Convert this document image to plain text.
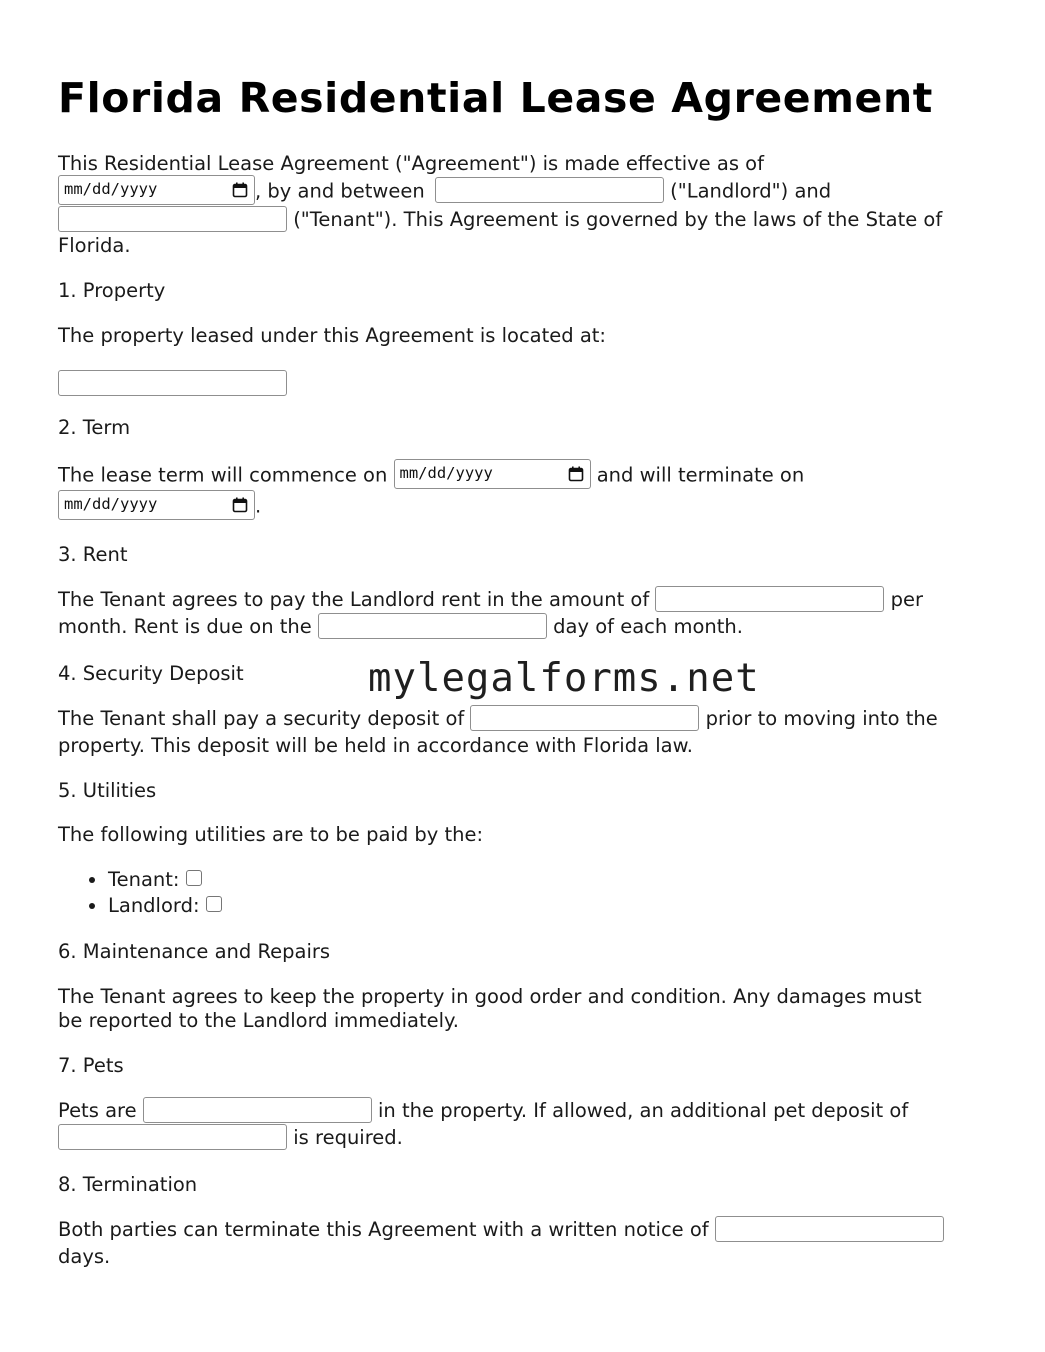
Florida Residential Lease Agreement
This Residential Lease Agreement ("Agreement") is made effective as of
mm/dd/yyyy	, by and between	("Landlord") and
("Tenant"). This Agreement is governed by the laws of the State of
Florida.
1. Property
The property leased under this Agreement is located at:
2. Term
The lease term will commence on mm/dd/yyyy	and will terminate on
mm/dd/yyyy	.
3. Rent
The Tenant agrees to pay the Landlord rent in the amount of	per
month. Rent is due on the	day of each month.
4. Security Deposit
The Tenant shall pay a security deposit of	prior to moving into the
property. This deposit will be held in accordance with Florida law.
5. Utilities
The following utilities are to be paid by the:
• Tenant:
• Landlord:
6. Maintenance and Repairs
The Tenant agrees to keep the property in good order and condition. Any damages must
be reported to the Landlord immediately.
7. Pets
Pets are	in the property. If allowed, an additional pet deposit of
is required.
8. Termination
Both parties can terminate this Agreement with a written notice of
days.
mylegalforms.net
